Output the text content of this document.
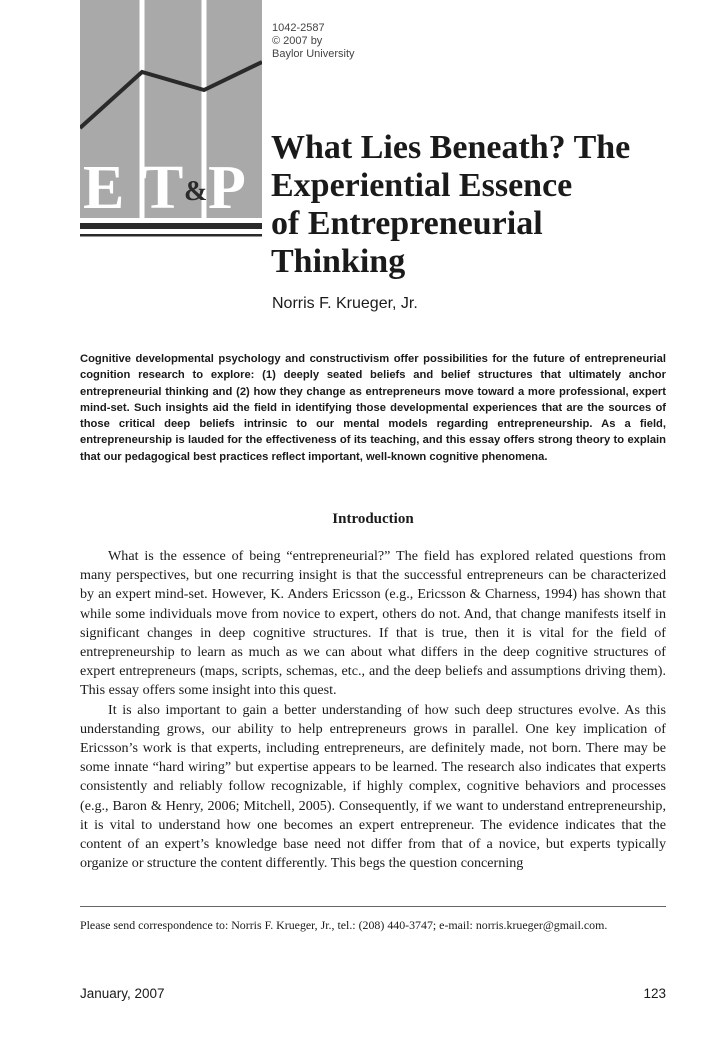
E T & P
1042-2587
© 2007 by
Baylor University
What Lies Beneath? The
Experiential Essence
of Entrepreneurial
Thinking
Norris F. Krueger, Jr.

Cognitive developmental psychology and constructivism offer possibilities for the future of entrepreneurial cognition research to explore: (1) deeply seated beliefs and belief structures that ultimately anchor entrepreneurial thinking and (2) how they change as entrepreneurs move toward a more professional, expert mind-set. Such insights aid the field in identifying those developmental experiences that are the sources of those critical deep beliefs intrinsic to our mental models regarding entrepreneurship. As a field, entrepreneurship is lauded for the effectiveness of its teaching, and this essay offers strong theory to explain that our pedagogical best practices reflect important, well-known cognitive phenomena.

Introduction

What is the essence of being “entrepreneurial?” The field has explored related questions from many perspectives, but one recurring insight is that the successful entrepreneurs can be characterized by an expert mind-set. However, K. Anders Ericsson (e.g., Ericsson & Charness, 1994) has shown that while some individuals move from novice to expert, others do not. And, that change manifests itself in significant changes in deep cognitive structures. If that is true, then it is vital for the field of entrepreneurship to learn as much as we can about what differs in the deep cognitive structures of expert entrepreneurs (maps, scripts, schemas, etc., and the deep beliefs and assumptions driving them). This essay offers some insight into this quest.

It is also important to gain a better understanding of how such deep structures evolve. As this understanding grows, our ability to help entrepreneurs grows in parallel. One key implication of Ericsson’s work is that experts, including entrepreneurs, are definitely made, not born. There may be some innate “hard wiring” but expertise appears to be learned. The research also indicates that experts consistently and reliably follow recognizable, if highly complex, cognitive behaviors and processes (e.g., Baron & Henry, 2006; Mitchell, 2005). Consequently, if we want to understand entrepreneurship, it is vital to understand how one becomes an expert entrepreneur. The evidence indicates that the content of an expert’s knowledge base need not differ from that of a novice, but experts typically organize or structure the content differently. This begs the question concerning

Please send correspondence to: Norris F. Krueger, Jr., tel.: (208) 440-3747; e-mail: norris.krueger@gmail.com.

January, 2007	123
